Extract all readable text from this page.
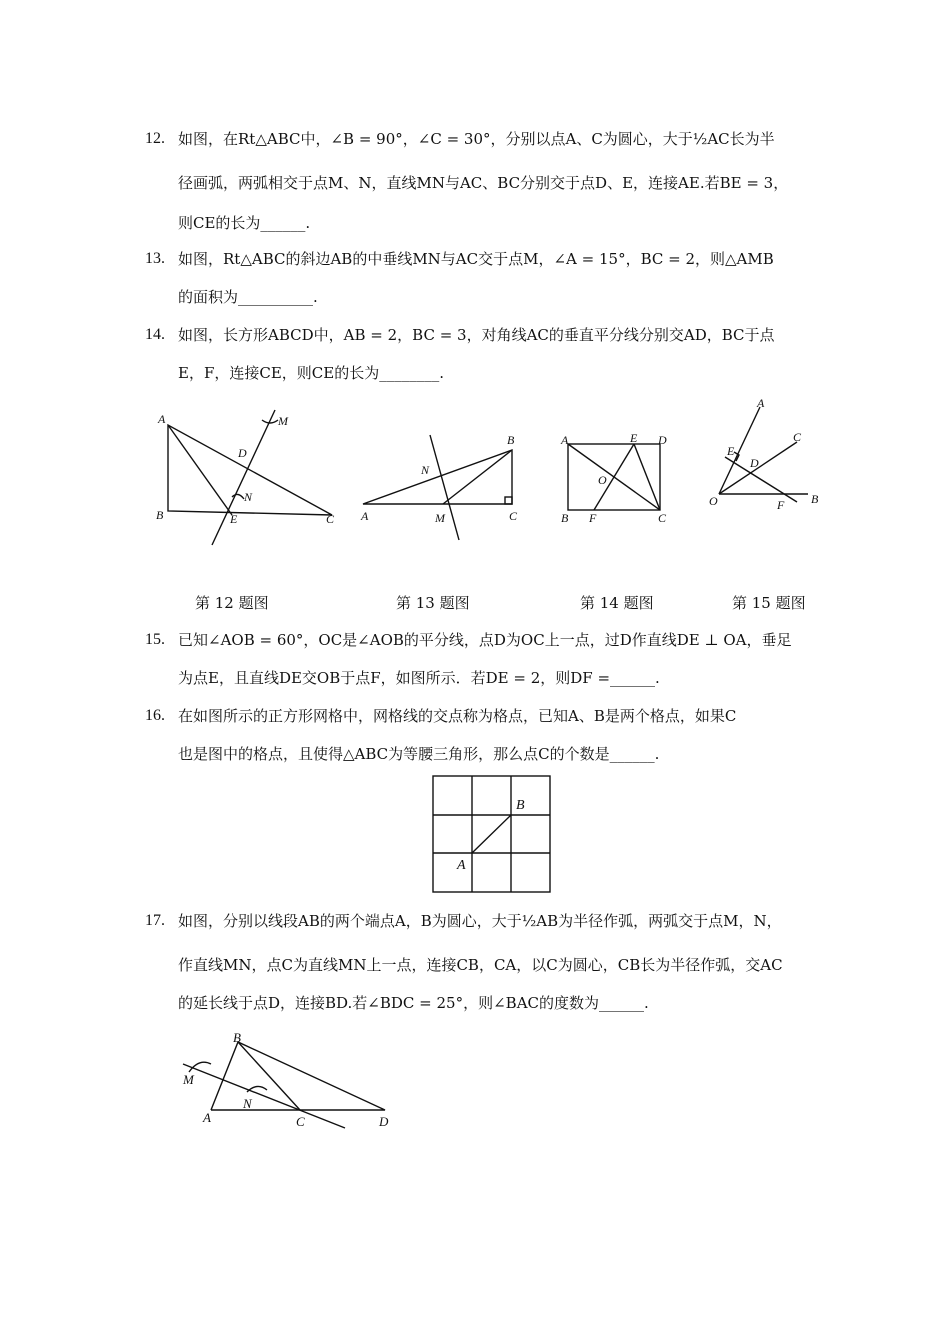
12. 如图，在Rt△ABC中，∠B = 90°，∠C = 30°，分别以点A、C为圆心，大于½AC长为半
径画弧，两弧相交于点M、N，直线MN与AC、BC分别交于点D、E，连接AE.若BE = 3，
则CE的长为______.
13. 如图，Rt△ABC的斜边AB的中垂线MN与AC交于点M，∠A = 15°，BC = 2，则△AMB
的面积为__________.
14. 如图，长方形ABCD中，AB = 2，BC = 3，对角线AC的垂直平分线分别交AD，BC于点
E，F，连接CE，则CE的长为________.
A	M
D
N
B	E	C
B
N
A	M	C
A	E D
O
B F	C
A
C
E
D
O	F B
第 12 题图	第 13 题图	第 14 题图	第 15 题图
15. 已知∠AOB = 60°，OC是∠AOB的平分线，点D为OC上一点，过D作直线DE ⊥ OA，垂足
为点E，且直线DE交OB于点F，如图所示．若DE = 2，则DF =______.
16. 在如图所示的正方形网格中，网格线的交点称为格点，已知A、B是两个格点，如果C
也是图中的格点，且使得△ABC为等腰三角形，那么点C的个数是______.
B
A
17. 如图，分别以线段AB的两个端点A，B为圆心，大于½AB为半径作弧，两弧交于点M，N，
作直线MN，点C为直线MN上一点，连接CB，CA，以C为圆心，CB长为半径作弧，交AC
的延长线于点D，连接BD.若∠BDC = 25°，则∠BAC的度数为______.
B
M
N
A	C	D
